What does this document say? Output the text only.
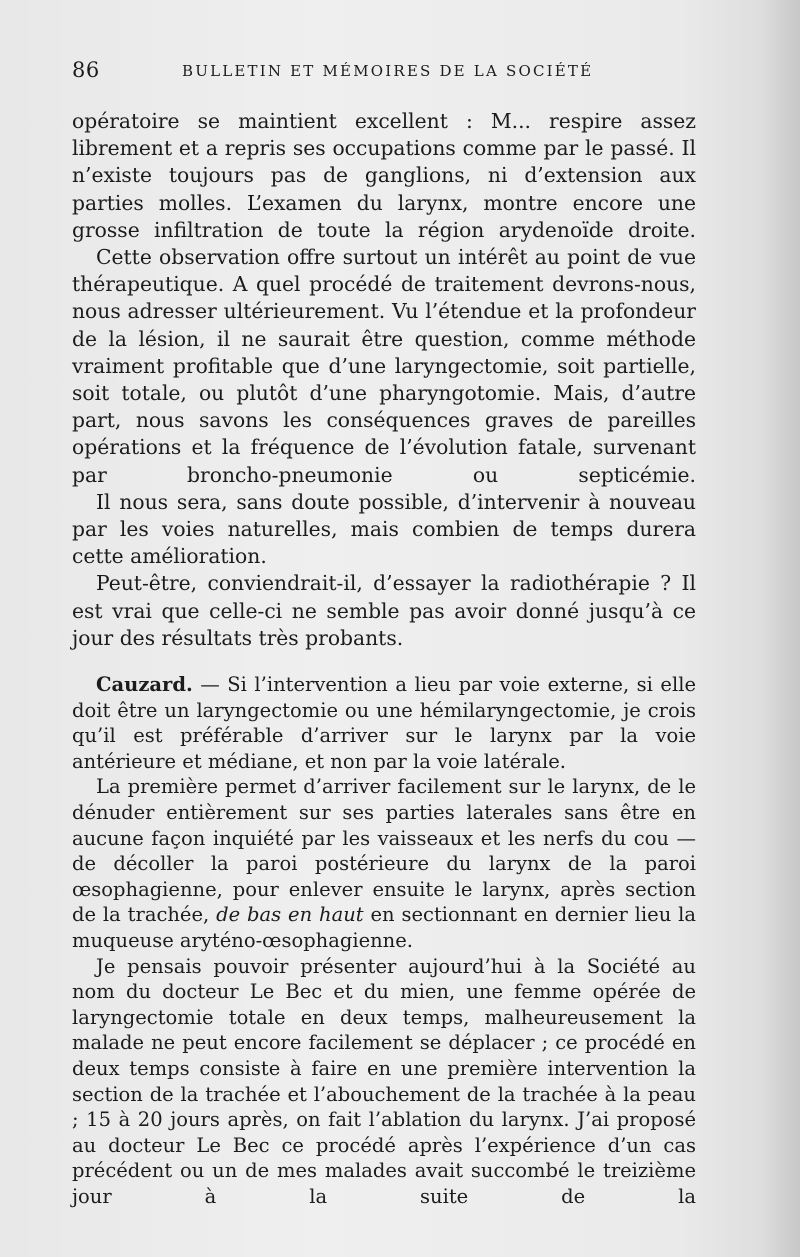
86	BULLETIN ET MÉMOIRES DE LA SOCIÉTÉ

opératoire se maintient excellent : M... respire assez librement et a repris ses occupations comme par le passé. Il n’existe toujours pas de ganglions, ni d’extension aux parties molles. L’examen du larynx, montre encore une grosse infiltration de toute la région arydenoïde droite.

Cette observation offre surtout un intérêt au point de vue thérapeutique. A quel procédé de traitement devrons-nous, nous adresser ultérieurement. Vu l’étendue et la profondeur de la lésion, il ne saurait être question, comme méthode vraiment profitable que d’une laryngectomie, soit partielle, soit totale, ou plutôt d’une pharyngotomie. Mais, d’autre part, nous savons les conséquences graves de pareilles opérations et la fréquence de l’évolution fatale, survenant par broncho-pneumonie ou septicémie.

Il nous sera, sans doute possible, d’intervenir à nouveau par les voies naturelles, mais combien de temps durera cette amélioration.

Peut-être, conviendrait-il, d’essayer la radiothérapie ? Il est vrai que celle-ci ne semble pas avoir donné jusqu’à ce jour des résultats très probants.

Cauzard. — Si l’intervention a lieu par voie externe, si elle doit être un laryngectomie ou une hémilaryngectomie, je crois qu’il est préférable d’arriver sur le larynx par la voie antérieure et médiane, et non par la voie latérale.

La première permet d’arriver facilement sur le larynx, de le dénuder entièrement sur ses parties laterales sans être en aucune façon inquiété par les vaisseaux et les nerfs du cou — de décoller la paroi postérieure du larynx de la paroi œsophagienne, pour enlever ensuite le larynx, après section de la trachée, de bas en haut en sectionnant en dernier lieu la muqueuse aryténo-œsophagienne.

Je pensais pouvoir présenter aujourd’hui à la Société au nom du docteur Le Bec et du mien, une femme opérée de laryngectomie totale en deux temps, malheureusement la malade ne peut encore facilement se déplacer ; ce procédé en deux temps consiste à faire en une première intervention la section de la trachée et l’abouchement de la trachée à la peau ; 15 à 20 jours après, on fait l’ablation du larynx. J’ai proposé au docteur Le Bec ce procédé après l’expérience d’un cas précédent ou un de mes malades avait succombé le treizième jour à la suite de la
